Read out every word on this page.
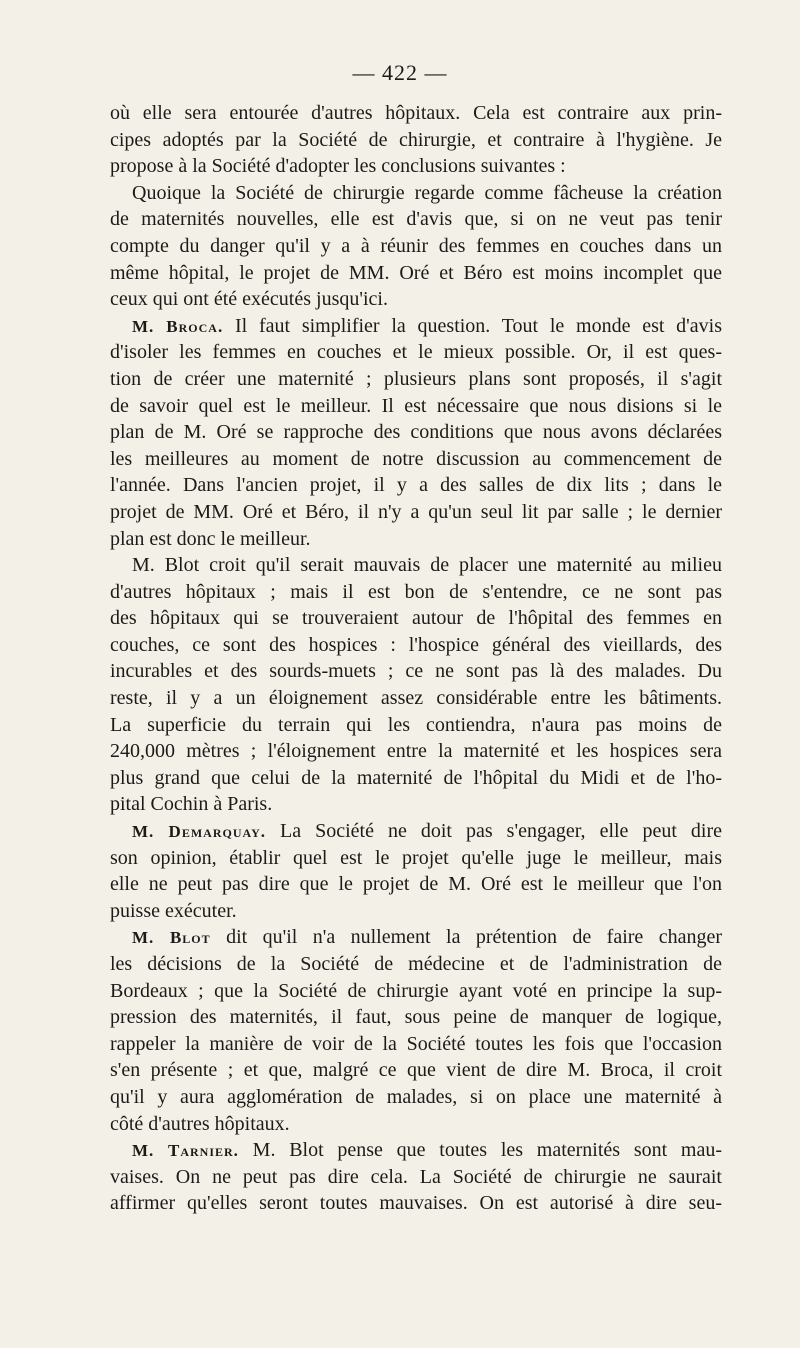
— 422 —
où elle sera entourée d'autres hôpitaux. Cela est contraire aux prin-
cipes adoptés par la Société de chirurgie, et contraire à l'hygiène. Je
propose à la Société d'adopter les conclusions suivantes :
Quoique la Société de chirurgie regarde comme fâcheuse la création
de maternités nouvelles, elle est d'avis que, si on ne veut pas tenir
compte du danger qu'il y a à réunir des femmes en couches dans un
même hôpital, le projet de MM. Oré et Béro est moins incomplet que
ceux qui ont été exécutés jusqu'ici.
M. Broca. Il faut simplifier la question. Tout le monde est d'avis
d'isoler les femmes en couches et le mieux possible. Or, il est ques-
tion de créer une maternité ; plusieurs plans sont proposés, il s'agit
de savoir quel est le meilleur. Il est nécessaire que nous disions si le
plan de M. Oré se rapproche des conditions que nous avons déclarées
les meilleures au moment de notre discussion au commencement de
l'année. Dans l'ancien projet, il y a des salles de dix lits ; dans le
projet de MM. Oré et Béro, il n'y a qu'un seul lit par salle ; le dernier
plan est donc le meilleur.
M. Blot croit qu'il serait mauvais de placer une maternité au milieu
d'autres hôpitaux ; mais il est bon de s'entendre, ce ne sont pas
des hôpitaux qui se trouveraient autour de l'hôpital des femmes en
couches, ce sont des hospices : l'hospice général des vieillards, des
incurables et des sourds-muets ; ce ne sont pas là des malades. Du
reste, il y a un éloignement assez considérable entre les bâtiments.
La superficie du terrain qui les contiendra, n'aura pas moins de
240,000 mètres ; l'éloignement entre la maternité et les hospices sera
plus grand que celui de la maternité de l'hôpital du Midi et de l'ho-
pital Cochin à Paris.
M. Demarquay. La Société ne doit pas s'engager, elle peut dire
son opinion, établir quel est le projet qu'elle juge le meilleur, mais
elle ne peut pas dire que le projet de M. Oré est le meilleur que l'on
puisse exécuter.
M. Blot dit qu'il n'a nullement la prétention de faire changer
les décisions de la Société de médecine et de l'administration de
Bordeaux ; que la Société de chirurgie ayant voté en principe la sup-
pression des maternités, il faut, sous peine de manquer de logique,
rappeler la manière de voir de la Société toutes les fois que l'occasion
s'en présente ; et que, malgré ce que vient de dire M. Broca, il croit
qu'il y aura agglomération de malades, si on place une maternité à
côté d'autres hôpitaux.
M. Tarnier. M. Blot pense que toutes les maternités sont mau-
vaises. On ne peut pas dire cela. La Société de chirurgie ne saurait
affirmer qu'elles seront toutes mauvaises. On est autorisé à dire seu-
